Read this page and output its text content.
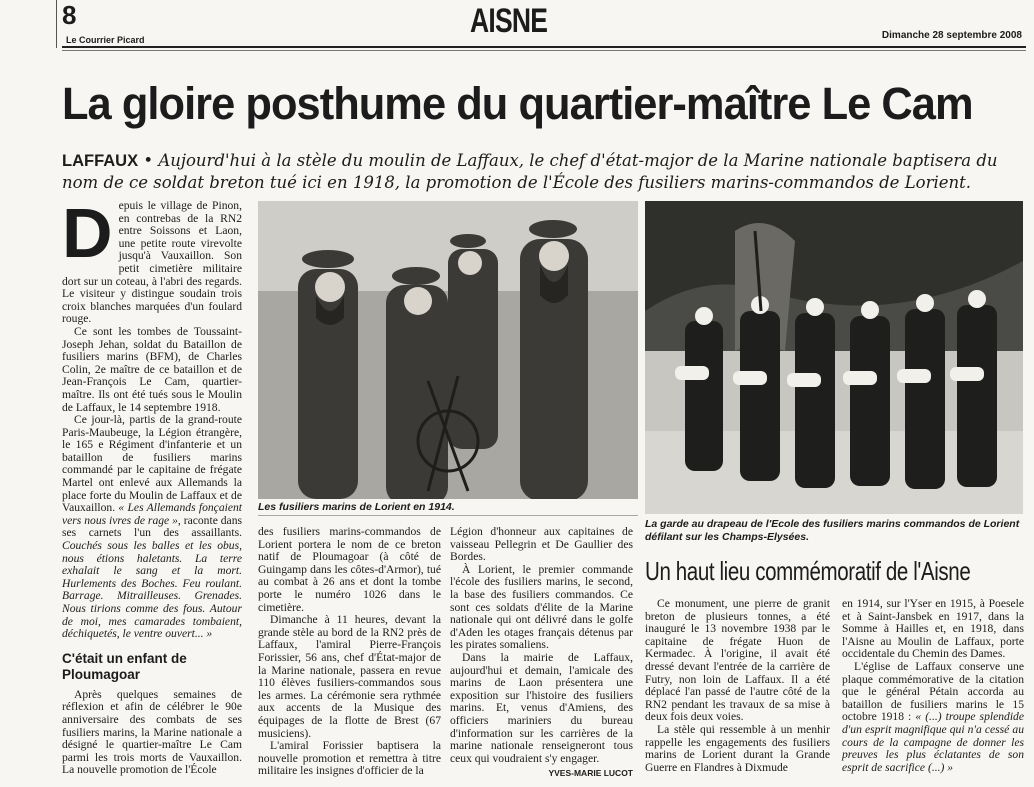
8
Le Courrier Picard	AISNE	Dimanche 28 septembre 2008
La gloire posthume du quartier-maître Le Cam
LAFFAUX • Aujourd'hui à la stèle du moulin de Laffaux, le chef d'état-major de la Marine nationale baptisera du nom de ce soldat breton tué ici en 1918, la promotion de l'École des fusiliers marins-commandos de Lorient.

Depuis le village de Pinon, en contrebas de la RN2 entre Soissons et Laon, une petite route virevolte jusqu'à Vauxaillon. Son petit cimetière militaire dort sur un coteau, à l'abri des regards. Le visiteur y distingue soudain trois croix blanches marquées d'un foulard rouge.

Ce sont les tombes de Toussaint-Joseph Jehan, soldat du Bataillon de fusiliers marins (BFM), de Charles Colin, 2e maître de ce bataillon et de Jean-François Le Cam, quartier-maître. Ils ont été tués sous le Moulin de Laffaux, le 14 septembre 1918.

Ce jour-là, partis de la grand-route Paris-Maubeuge, la Légion étrangère, le 165 e Régiment d'infanterie et un bataillon de fusiliers marins commandé par le capitaine de frégate Martel ont enlevé aux Allemands la place forte du Moulin de Laffaux et de Vauxaillon. « Les Allemands fonçaient vers nous ivres de rage », raconte dans ses carnets l'un des assaillants. Couchés sous les balles et les obus, nous étions haletants. La terre exhalait le sang et la mort. Hurlements des Boches. Feu roulant. Barrage. Mitrailleuses. Grenades. Nous tirions comme des fous. Autour de moi, mes camarades tombaient, déchiquetés, le ventre ouvert... »

C'était un enfant de Ploumagoar

Après quelques semaines de réflexion et afin de célébrer le 90e anniversaire des combats de ses fusiliers marins, la Marine nationale a désigné le quartier-maître Le Cam parmi les trois morts de Vauxaillon. La nouvelle promotion de l'École

Les fusiliers marins de Lorient en 1914.
La garde au drapeau de l'Ecole des fusiliers marins commandos de Lorient défilant sur les Champs-Elysées.

des fusiliers marins-commandos de Lorient portera le nom de ce breton natif de Ploumagoar (à côté de Guingamp dans les côtes-d'Armor), tué au combat à 26 ans et dont la tombe porte le numéro 1026 dans le cimetière.

Dimanche à 11 heures, devant la grande stèle au bord de la RN2 près de Laffaux, l'amiral Pierre-François Forissier, 56 ans, chef d'État-major de la Marine nationale, passera en revue 110 élèves fusiliers-commandos sous les armes. La cérémonie sera rythmée aux accents de la Musique des équipages de la flotte de Brest (67 musiciens).

L'amiral Forissier baptisera la nouvelle promotion et remettra à titre militaire les insignes d'officier de la

Légion d'honneur aux capitaines de vaisseau Pellegrin et De Gaullier des Bordes.

À Lorient, le premier commande l'école des fusiliers marins, le second, la base des fusiliers commandos. Ce sont ces soldats d'élite de la Marine nationale qui ont délivré dans le golfe d'Aden les otages français détenus par les pirates somaliens.

Dans la mairie de Laffaux, aujourd'hui et demain, l'amicale des marins de Laon présentera une exposition sur l'histoire des fusiliers marins. Et, venus d'Amiens, des officiers mariniers du bureau d'information sur les carrières de la marine nationale renseigneront tous ceux qui voudraient s'y engager.

YVES-MARIE LUCOT
Un haut lieu commémoratif de l'Aisne

Ce monument, une pierre de granit breton de plusieurs tonnes, a été inauguré le 13 novembre 1938 par le capitaine de frégate Huon de Kermadec. À l'origine, il avait été dressé devant l'entrée de la carrière de Futry, non loin de Laffaux. Il a été déplacé l'an passé de l'autre côté de la RN2 pendant les travaux de sa mise à deux fois deux voies.

La stèle qui ressemble à un menhir rappelle les engagements des fusiliers marins de Lorient durant la Grande Guerre en Flandres à Dixmude

en 1914, sur l'Yser en 1915, à Poesele et à Saint-Jansbek en 1917, dans la Somme à Hailles et, en 1918, dans l'Aisne au Moulin de Laffaux, porte occidentale du Chemin des Dames.

L'église de Laffaux conserve une plaque commémorative de la citation que le général Pétain accorda au bataillon de fusiliers marins le 15 octobre 1918 : « (...) troupe splendide d'un esprit magnifique qui n'a cessé au cours de la campagne de donner les preuves les plus éclatantes de son esprit de sacrifice (...) »
